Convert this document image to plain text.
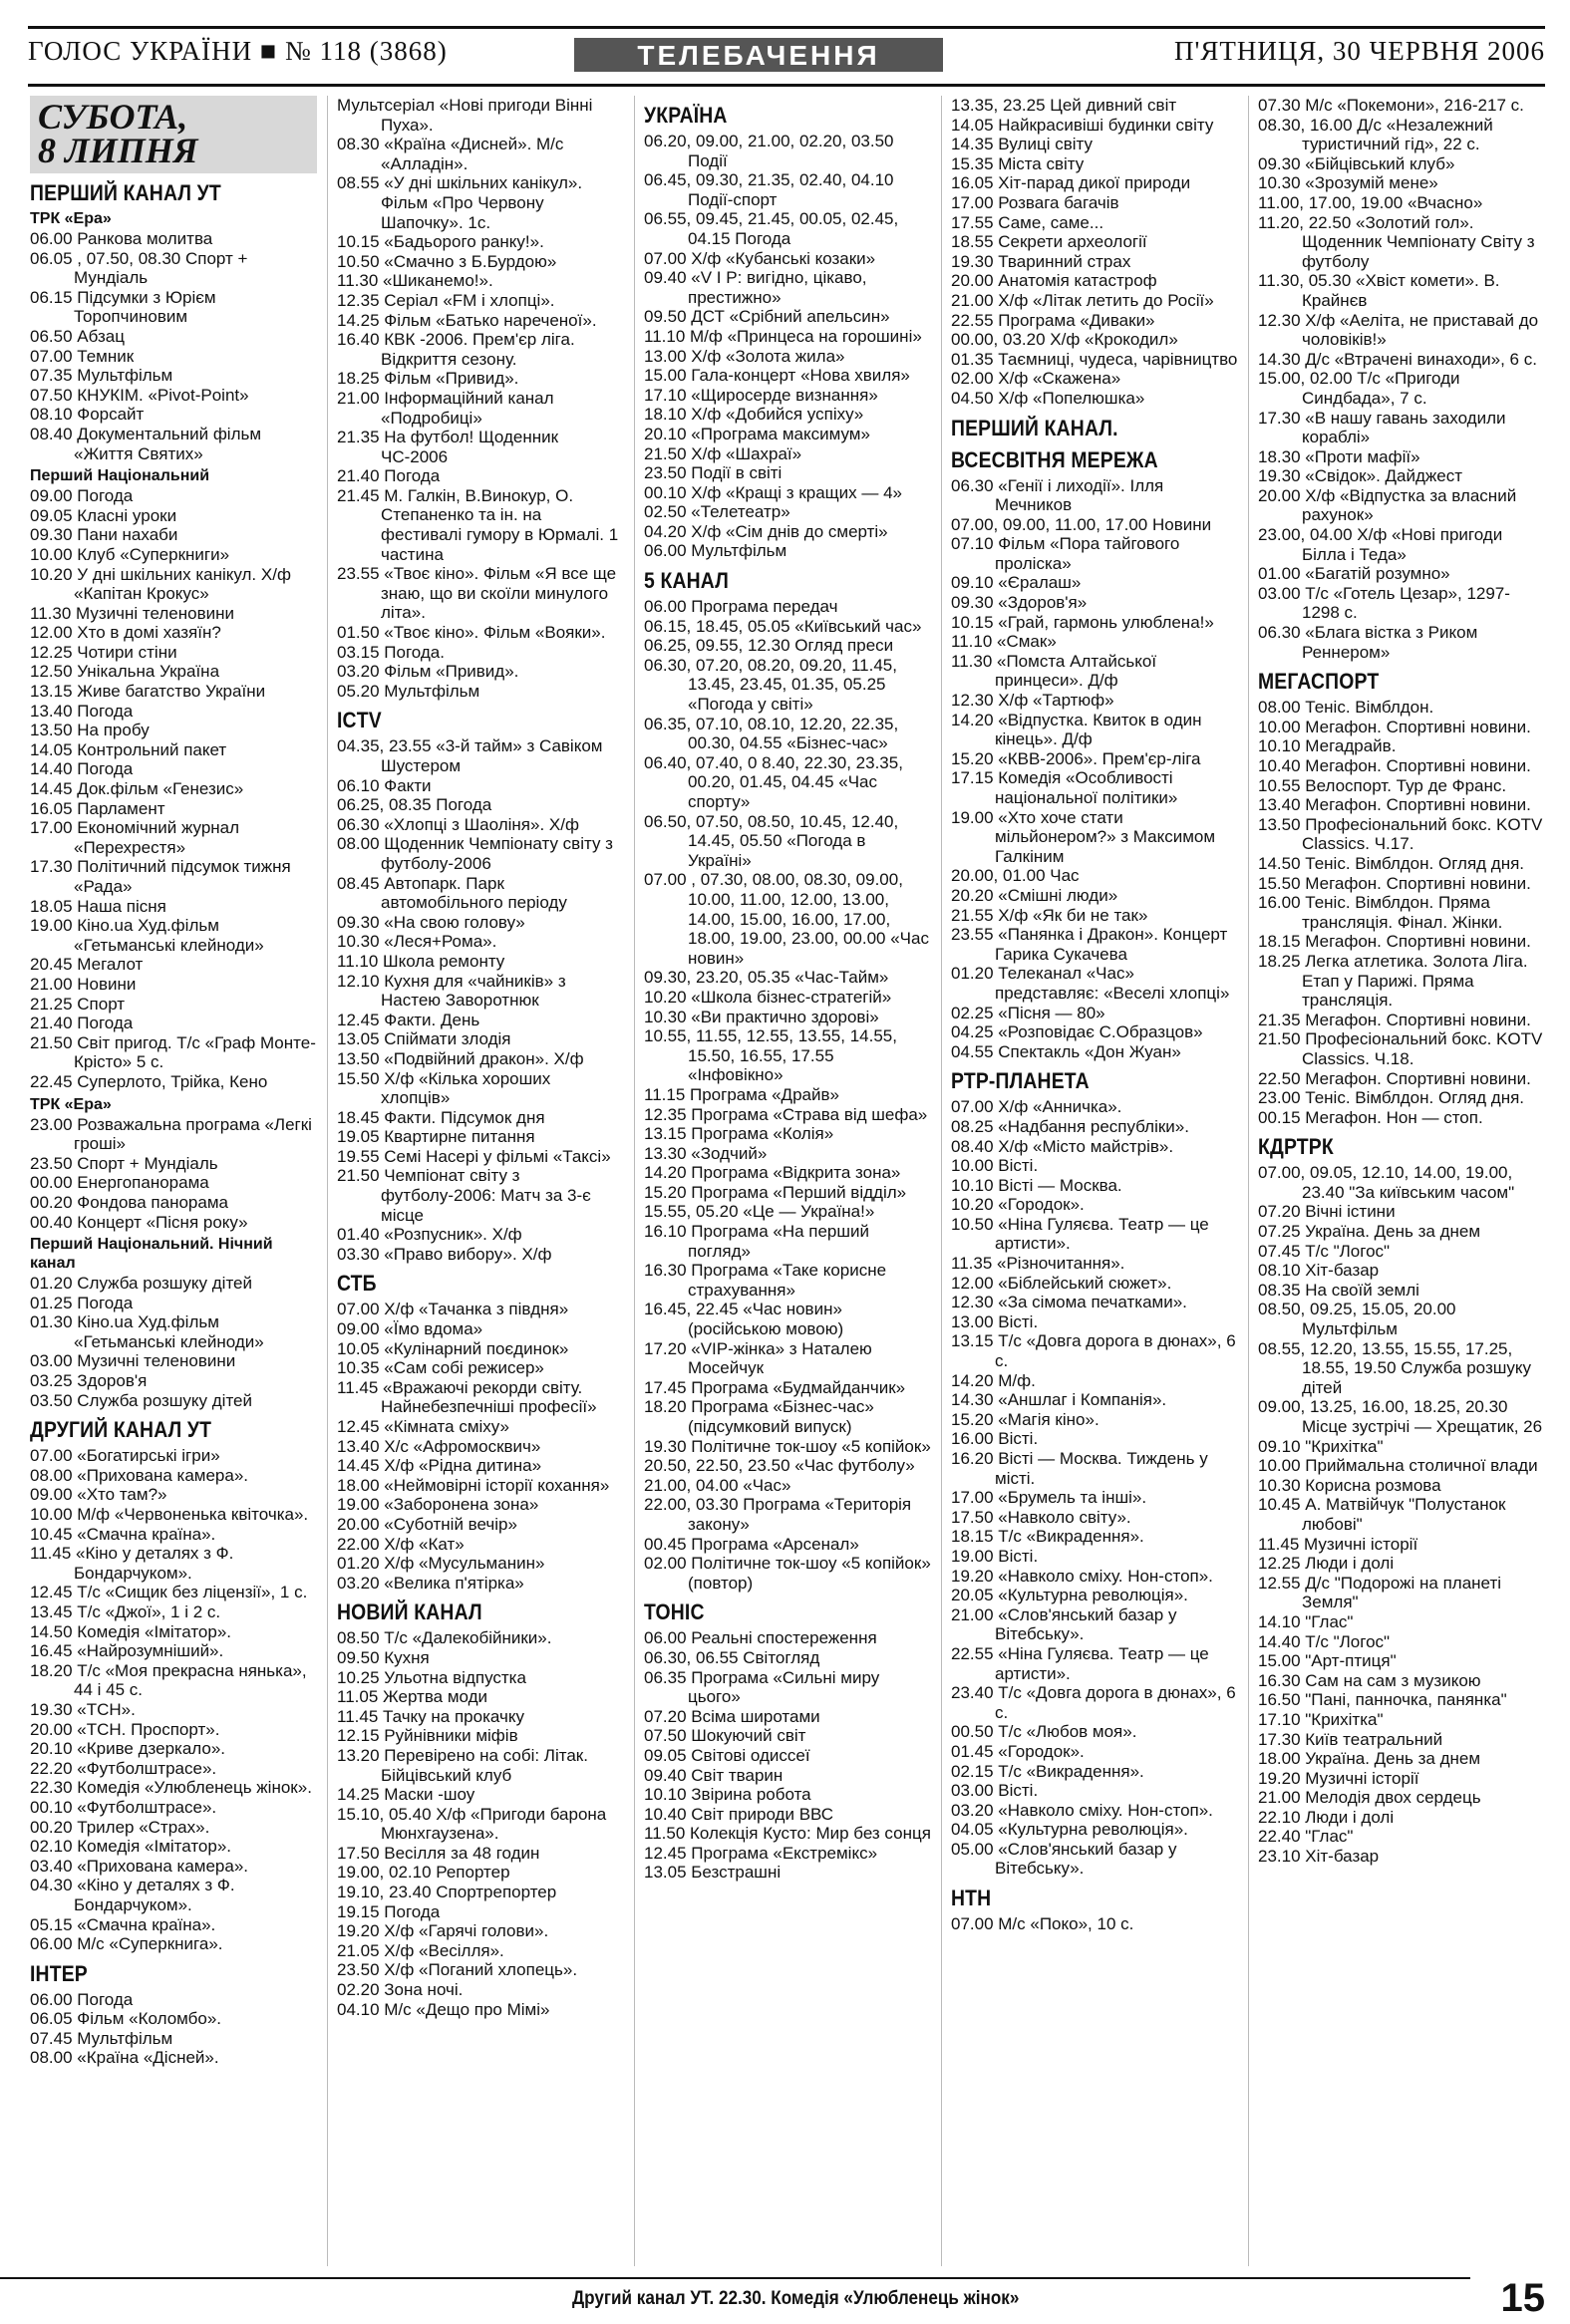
ГОЛОС УКРАЇНИ ■ № 118 (3868)	ТЕЛЕБАЧЕННЯ	П'ЯТНИЦЯ, 30 ЧЕРВНЯ 2006
СУБОТА,
8 ЛИПНЯ
ПЕРШИЙ КАНАЛ УТ
ТРК «Ера»
06.00 Ранкова молитва
06.05 , 07.50, 08.30 Спорт + Мундіаль
06.15 Підсумки з Юрієм Торопчиновим
06.50 Абзац
07.00 Темник
07.35 Мультфільм
07.50 КНУКІМ. «Pivot-Point»
08.10 Форсайт
08.40 Документальний фільм «Життя Святих»
Перший Національний
09.00 Погода
09.05 Класні уроки
09.30 Пани нахаби
10.00 Клуб «Суперкниги»
10.20 У дні шкільних канікул. Х/ф «Капітан Крокус»
11.30 Музичні теленовини
12.00 Хто в домі хазяїн?
12.25 Чотири стіни
12.50 Унікальна Україна
13.15 Живе багатство України
13.40 Погода
13.50 На пробу
14.05 Контрольний пакет
14.40 Погода
14.45 Док.фільм «Генезис»
16.05 Парламент
17.00 Економічний журнал «Перехрестя»
17.30 Політичний підсумок тижня «Рада»
18.05 Наша пісня
19.00 Кіно.ua Худ.фільм «Гетьманські клейноди»
20.45 Мегалот
21.00 Новини
21.25 Спорт
21.40 Погода
21.50 Світ пригод. Т/с «Граф Монте-Крісто» 5 с.
22.45 Суперлото, Трійка, Кено
ТРК «Ера»
23.00 Розважальна програма «Легкі гроші»
23.50 Спорт + Мундіаль
00.00 Енергопанорама
00.20 Фондова панорама
00.40 Концерт «Пісня року»
Перший Національний. Нічний канал
01.20 Служба розшуку дітей
01.25 Погода
01.30 Кіно.ua Худ.фільм «Гетьманські клейноди»
03.00 Музичні теленовини
03.25 Здоров'я
03.50 Служба розшуку дітей
ДРУГИЙ КАНАЛ УТ
07.00 «Богатирські ігри»
08.00 «Прихована камера».
09.00 «Хто там?»
10.00 М/ф «Червоненька квіточка».
10.45 «Смачна країна».
11.45 «Кіно у деталях з Ф. Бондарчуком».
12.45 Т/с «Сищик без ліцензії», 1 с.
13.45 Т/с «Джої», 1 і 2 с.
14.50 Комедія «Імітатор».
16.45 «Найрозумніший».
18.20 Т/с «Моя прекрасна нянька», 44 і 45 с.
19.30 «ТСН».
20.00 «ТСН. Проспорт».
20.10 «Криве дзеркало».
22.20 «Футболштрасе».
22.30 Комедія «Улюбленець жінок».
00.10 «Футболштрасе».
00.20 Трилер «Страх».
02.10 Комедія «Імітатор».
03.40 «Прихована камера».
04.30 «Кіно у деталях з Ф. Бондарчуком».
05.15 «Смачна країна».
06.00 М/с «Суперкнига».
ІНТЕР
06.00 Погода
06.05 Фільм «Коломбо».
07.45 Мультфільм
08.00 «Країна «Дісней».
Мультсеріал «Нові пригоди Вінні Пуха».
08.30 «Країна «Дисней». М/с «Алладін».
08.55 «У дні шкільних канікул». Фільм «Про Червону Шапочку». 1с.
10.15 «Бадьорого ранку!».
10.50 «Смачно з Б.Бурдою»
11.30 «Шиканемо!».
12.35 Серіал «FM і хлопці».
14.25 Фільм «Батько нареченої».
16.40 КВК -2006. Прем'єр ліга. Відкриття сезону.
18.25 Фільм «Привид».
21.00 Інформаційний канал «Подробиці»
21.35 На футбол! Щоденник ЧС-2006
21.40 Погода
21.45 М. Галкін, В.Винокур, О. Степаненко та ін. на фестивалі гумору в Юрмалі. 1 частина
23.55 «Твоє кіно». Фільм «Я все ще знаю, що ви скоїли минулого літа».
01.50 «Твоє кіно». Фільм «Вояки».
03.15 Погода.
03.20 Фільм «Привид».
05.20 Мультфільм
ICTV
04.35, 23.55 «3-й тайм» з Савіком Шустером
06.10 Факти
06.25, 08.35 Погода
06.30 «Хлопці з Шаоліня». Х/ф
08.00 Щоденник Чемпіонату світу з футболу-2006
08.45 Автопарк. Парк автомобільного періоду
09.30 «На свою голову»
10.30 «Леся+Рома».
11.10 Школа ремонту
12.10 Кухня для «чайників» з Настею Заворотнюк
12.45 Факти. День
13.05 Спіймати злодія
13.50 «Подвійний дракон». Х/ф
15.50 Х/ф «Кілька хороших хлопців»
18.45 Факти. Підсумок дня
19.05 Квартирне питання
19.55 Семі Насері у фільмі «Таксі»
21.50 Чемпіонат світу з футболу-2006: Матч за 3-є місце
01.40 «Розпусник». Х/ф
03.30 «Право вибору». Х/ф
СТБ
07.00 Х/ф «Тачанка з півдня»
09.00 «Їмо вдома»
10.05 «Кулінарний поєдинок»
10.35 «Сам собі режисер»
11.45 «Вражаючі рекорди світу. Найнебезпечніші професії»
12.45 «Кімната сміху»
13.40 Х/с «Афромосквич»
14.45 Х/ф «Рідна дитина»
18.00 «Неймовірні історії кохання»
19.00 «Заборонена зона»
20.00 «Суботній вечір»
22.00 Х/ф «Кат»
01.20 Х/ф «Мусульманин»
03.20 «Велика п'ятірка»
НОВИЙ КАНАЛ
08.50 Т/с «Далекобійники».
09.50 Кухня
10.25 Ульотна відпустка
11.05 Жертва моди
11.45 Тачку на прокачку
12.15 Руйнівники міфів
13.20 Перевірено на собі: Літак. Бійцівський клуб
14.25 Маски -шоу
15.10, 05.40 Х/ф «Пригоди барона Мюнхгаузена».
17.50 Весілля за 48 годин
19.00, 02.10 Репортер
19.10, 23.40 Спортрепортер
19.15 Погода
19.20 Х/ф «Гарячі голови».
21.05 Х/ф «Весілля».
23.50 Х/ф «Поганий хлопець».
02.20 Зона ночі.
04.10 М/с «Дещо про Мімі»
УКРАЇНА
06.20, 09.00, 21.00, 02.20, 03.50 Події
06.45, 09.30, 21.35, 02.40, 04.10 Події-спорт
06.55, 09.45, 21.45, 00.05, 02.45, 04.15 Погода
07.00 Х/ф «Кубанські козаки»
09.40 «V I P: вигідно, цікаво, престижно»
09.50 ДСТ «Срібний апельсин»
11.10 М/ф «Принцеса на горошині»
13.00 Х/ф «Золота жила»
15.00 Гала-концерт «Нова хвиля»
17.10 «Щиросерде визнання»
18.10 Х/ф «Добийся успіху»
20.10 «Програма максимум»
21.50 Х/ф «Шахраї»
23.50 Події в світі
00.10 Х/ф «Кращі з кращих — 4»
02.50 «Телетеатр»
04.20 Х/ф «Сім днів до смерті»
06.00 Мультфільм
5 КАНАЛ
06.00 Програма передач
06.15, 18.45, 05.05 «Київський час»
06.25, 09.55, 12.30 Огляд преси
06.30, 07.20, 08.20, 09.20, 11.45, 13.45, 23.45, 01.35, 05.25 «Погода у світі»
06.35, 07.10, 08.10, 12.20, 22.35, 00.30, 04.55 «Бізнес-час»
06.40, 07.40, 0 8.40, 22.30, 23.35, 00.20, 01.45, 04.45 «Час спорту»
06.50, 07.50, 08.50, 10.45, 12.40, 14.45, 05.50 «Погода в Україні»
07.00 , 07.30, 08.00, 08.30, 09.00, 10.00, 11.00, 12.00, 13.00, 14.00, 15.00, 16.00, 17.00, 18.00, 19.00, 23.00, 00.00 «Час новин»
09.30, 23.20, 05.35 «Час-Тайм»
10.20 «Школа бізнес-стратегій»
10.30 «Ви практично здорові»
10.55, 11.55, 12.55, 13.55, 14.55, 15.50, 16.55, 17.55 «Інфовікно»
11.15 Програма «Драйв»
12.35 Програма «Страва від шефа»
13.15 Програма «Колія»
13.30 «Зодчий»
14.20 Програма «Відкрита зона»
15.20 Програма «Перший відділ»
15.55, 05.20 «Це — Україна!»
16.10 Програма «На перший погляд»
16.30 Програма «Таке корисне страхування»
16.45, 22.45 «Час новин» (російською мовою)
17.20 «VIP-жінка» з Наталею Мосейчук
17.45 Програма «Будмайданчик»
18.20 Програма «Бізнес-час» (підсумковий випуск)
19.30 Політичне ток-шоу «5 копійок»
20.50, 22.50, 23.50 «Час футболу»
21.00, 04.00 «Час»
22.00, 03.30 Програма «Територія закону»
00.45 Програма «Арсенал»
02.00 Політичне ток-шоу «5 копійок» (повтор)
ТОНІС
06.00 Реальні спостереження
06.30, 06.55 Світогляд
06.35 Програма «Сильні миру цього»
07.20 Всіма широтами
07.50 Шокуючий світ
09.05 Світові одиссеї
09.40 Світ тварин
10.10 Звірина робота
10.40 Світ природи ВВС
11.50 Колекція Кусто: Мир без сонця
12.45 Програма «Екстремікс»
13.05 Безстрашні
13.35, 23.25 Цей дивний світ
14.05 Найкрасивіші будинки світу
14.35 Вулиці світу
15.35 Міста світу
16.05 Хіт-парад дикої природи
17.00 Розвага багачів
17.55 Саме, саме...
18.55 Секрети археології
19.30 Тваринний страх
20.00 Анатомія катастроф
21.00 Х/ф «Літак летить до Росії»
22.55 Програма «Диваки»
00.00, 03.20 Х/ф «Крокодил»
01.35 Таємниці, чудеса, чарівництво
02.00 Х/ф «Скажена»
04.50 Х/ф «Попелюшка»
ПЕРШИЙ КАНАЛ.
ВСЕСВІТНЯ МЕРЕЖА
06.30 «Генії і лиходії». Ілля Мечников
07.00, 09.00, 11.00, 17.00 Новини
07.10 Фільм «Пора тайгового пролiска»
09.10 «Єралаш»
09.30 «Здоров'я»
10.15 «Грай, гармонь улюблена!»
11.10 «Смак»
11.30 «Помста Алтайської принцеси». Д/ф
12.30 Х/ф «Тартюф»
14.20 «Відпустка. Квиток в один кінець». Д/ф
15.20 «КВВ-2006». Прем'єр-ліга
17.15 Комедія «Особливості національної політики»
19.00 «Хто хоче стати мільйонером?» з Максимом Галкіним
20.00, 01.00 Час
20.20 «Смішні люди»
21.55 Х/ф «Як би не так»
23.55 «Панянка і Дракон». Концерт Гарика Сукачева
01.20 Телеканал «Час» представляє: «Веселі хлопці»
02.25 «Пісня — 80»
04.25 «Розповідає С.Образцов»
04.55 Спектакль «Дон Жуан»
РТР-ПЛАНЕТА
07.00 Х/ф «Анничка».
08.25 «Надбання республіки».
08.40 Х/ф «Місто майстрів».
10.00 Вісті.
10.10 Вісті — Москва.
10.20 «Городок».
10.50 «Ніна Гуляєва. Театр — це артисти».
11.35 «Різночитання».
12.00 «Біблейський сюжет».
12.30 «За сімома печатками».
13.00 Вісті.
13.15 Т/с «Довга дорога в дюнах», 6 с.
14.20 М/ф.
14.30 «Аншлаг і Компанія».
15.20 «Магія кіно».
16.00 Вісті.
16.20 Вісті — Москва. Тиждень у місті.
17.00 «Брумель та інші».
17.50 «Навколо світу».
18.15 Т/с «Викрадення».
19.00 Вісті.
19.20 «Навколо сміху. Нон-стоп».
20.05 «Культурна революція».
21.00 «Слов'янський базар у Вітебську».
22.55 «Ніна Гуляєва. Театр — це артисти».
23.40 Т/с «Довга дорога в дюнах», 6 с.
00.50 Т/с «Любов моя».
01.45 «Городок».
02.15 Т/с «Викрадення».
03.00 Вісті.
03.20 «Навколо сміху. Нон-стоп».
04.05 «Культурна революція».
05.00 «Слов'янський базар у Вітебську».
НТН
07.00 М/с «Поко», 10 с.
07.30 М/с «Покемони», 216-217 с.
08.30, 16.00 Д/с «Незалежний туристичний гід», 22 с.
09.30 «Бійцівський клуб»
10.30 «Зрозумій мене»
11.00, 17.00, 19.00 «Вчасно»
11.20, 22.50 «Золотий гол». Щоденник Чемпіонату Світу з футболу
11.30, 05.30 «Хвіст комети». В. Крайнєв
12.30 Х/ф «Аеліта, не приставай до чоловіків!»
14.30 Д/с «Втрачені винаходи», 6 с.
15.00, 02.00 Т/с «Пригоди Синдбада», 7 с.
17.30 «В нашу гавань заходили кораблі»
18.30 «Проти мафії»
19.30 «Свідок». Дайджест
20.00 Х/ф «Відпустка за власний рахунок»
23.00, 04.00 Х/ф «Нові пригоди Білла і Теда»
01.00 «Багатій розумно»
03.00 Т/с «Готель Цезар», 1297-1298 с.
06.30 «Блага вістка з Риком Реннером»
МЕГАСПОРТ
08.00 Теніс. Вімблдон.
10.00 Мегафон. Спортивні новини.
10.10 Мегадрайв.
10.40 Мегафон. Спортивні новини.
10.55 Велоспорт. Тур де Франс.
13.40 Мегафон. Спортивні новини.
13.50 Професіональний бокс. KOTV Classics. Ч.17.
14.50 Теніс. Вімблдон. Огляд дня.
15.50 Мегафон. Спортивні новини.
16.00 Теніс. Вімблдон. Пряма трансляція. Фінал. Жінки.
18.15 Мегафон. Спортивні новини.
18.25 Легка атлетика. Золота Ліга. Етап у Парижі. Пряма трансляція.
21.35 Мегафон. Спортивні новини.
21.50 Професіональний бокс. KOTV Classics. Ч.18.
22.50 Мегафон. Спортивні новини.
23.00 Теніс. Вімблдон. Огляд дня.
00.15 Мегафон. Нон — стоп.
КДРТРК
07.00, 09.05, 12.10, 14.00, 19.00, 23.40 "За київським часом"
07.20 Вічні істини
07.25 Україна. День за днем
07.45 Т/с "Логос"
08.10 Хіт-базар
08.35 На своїй землі
08.50, 09.25, 15.05, 20.00 Мультфільм
08.55, 12.20, 13.55, 15.55, 17.25, 18.55, 19.50 Служба розшуку дітей
09.00, 13.25, 16.00, 18.25, 20.30 Місце зустрічі — Хрещатик, 26
09.10 "Крихітка"
10.00 Приймальна столичної влади
10.30 Корисна розмова
10.45 А. Матвійчук "Полустанок любові"
11.45 Музичні історії
12.25 Люди і долі
12.55 Д/с "Подорожі на планеті Земля"
14.10 "Глас"
14.40 Т/с "Логос"
15.00 "Арт-птиця"
16.30 Сам на сам з музикою
16.50 "Пані, панночка, панянка"
17.10 "Крихітка"
17.30 Київ театральний
18.00 Україна. День за днем
19.20 Музичні історії
21.00 Мелодія двох сердець
22.10 Люди і долі
22.40 "Глас"
23.10 Хіт-базар
Другий канал УТ. 22.30. Комедія «Улюбленець жінок»	15
